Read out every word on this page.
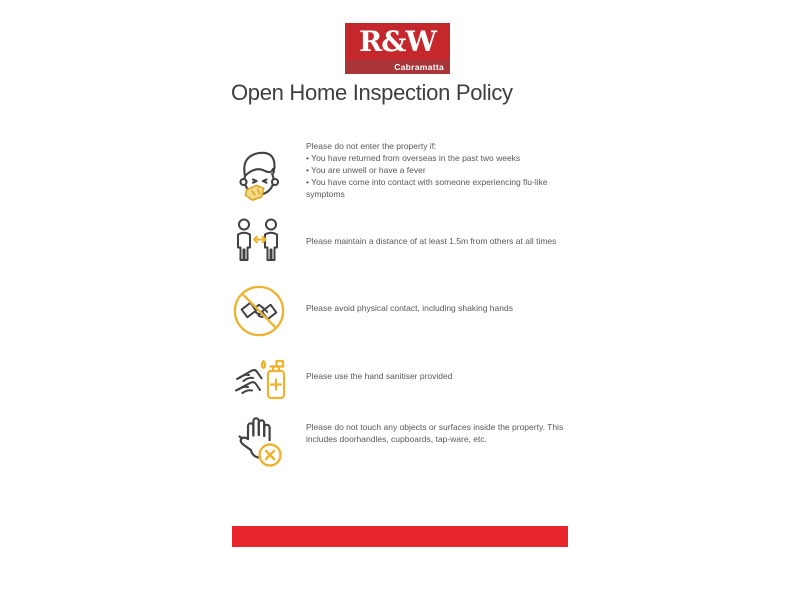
R&W
Cabramatta
Open Home Inspection Policy
Please do not enter the property if:
• You have returned from overseas in the past two weeks
• You are unwell or have a fever
• You have come into contact with someone experiencing flu-like
symptoms
Please maintain a distance of at least 1.5m from others at all times
Please avoid physical contact, including shaking hands
Please use the hand sanitiser provided
Please do not touch any objects or surfaces inside the property. This
includes doorhandles, cupboards, tap-ware, etc.
